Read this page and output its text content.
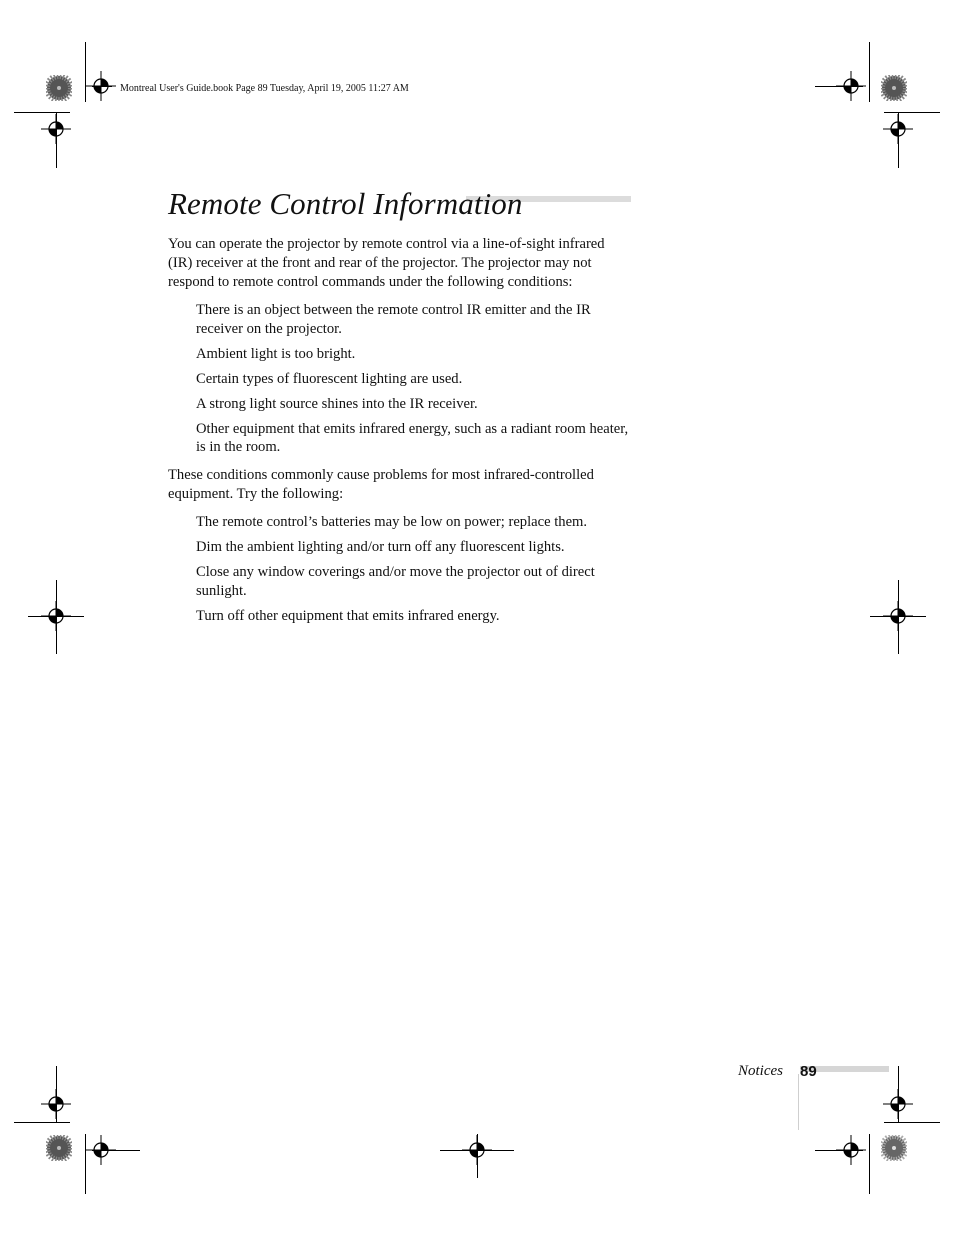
Montreal User's Guide.book Page 89 Tuesday, April 19, 2005 11:27 AM
Remote Control Information

You can operate the projector by remote control via a line-of-sight infrared (IR) receiver at the front and rear of the projector. The projector may not respond to remote control commands under the following conditions:

There is an object between the remote control IR emitter and the IR receiver on the projector.
Ambient light is too bright.
Certain types of fluorescent lighting are used.
A strong light source shines into the IR receiver.
Other equipment that emits infrared energy, such as a radiant room heater, is in the room.

These conditions commonly cause problems for most infrared-controlled equipment. Try the following:

The remote control’s batteries may be low on power; replace them.
Dim the ambient lighting and/or turn off any fluorescent lights.
Close any window coverings and/or move the projector out of direct sunlight.
Turn off other equipment that emits infrared energy.
Notices 89
